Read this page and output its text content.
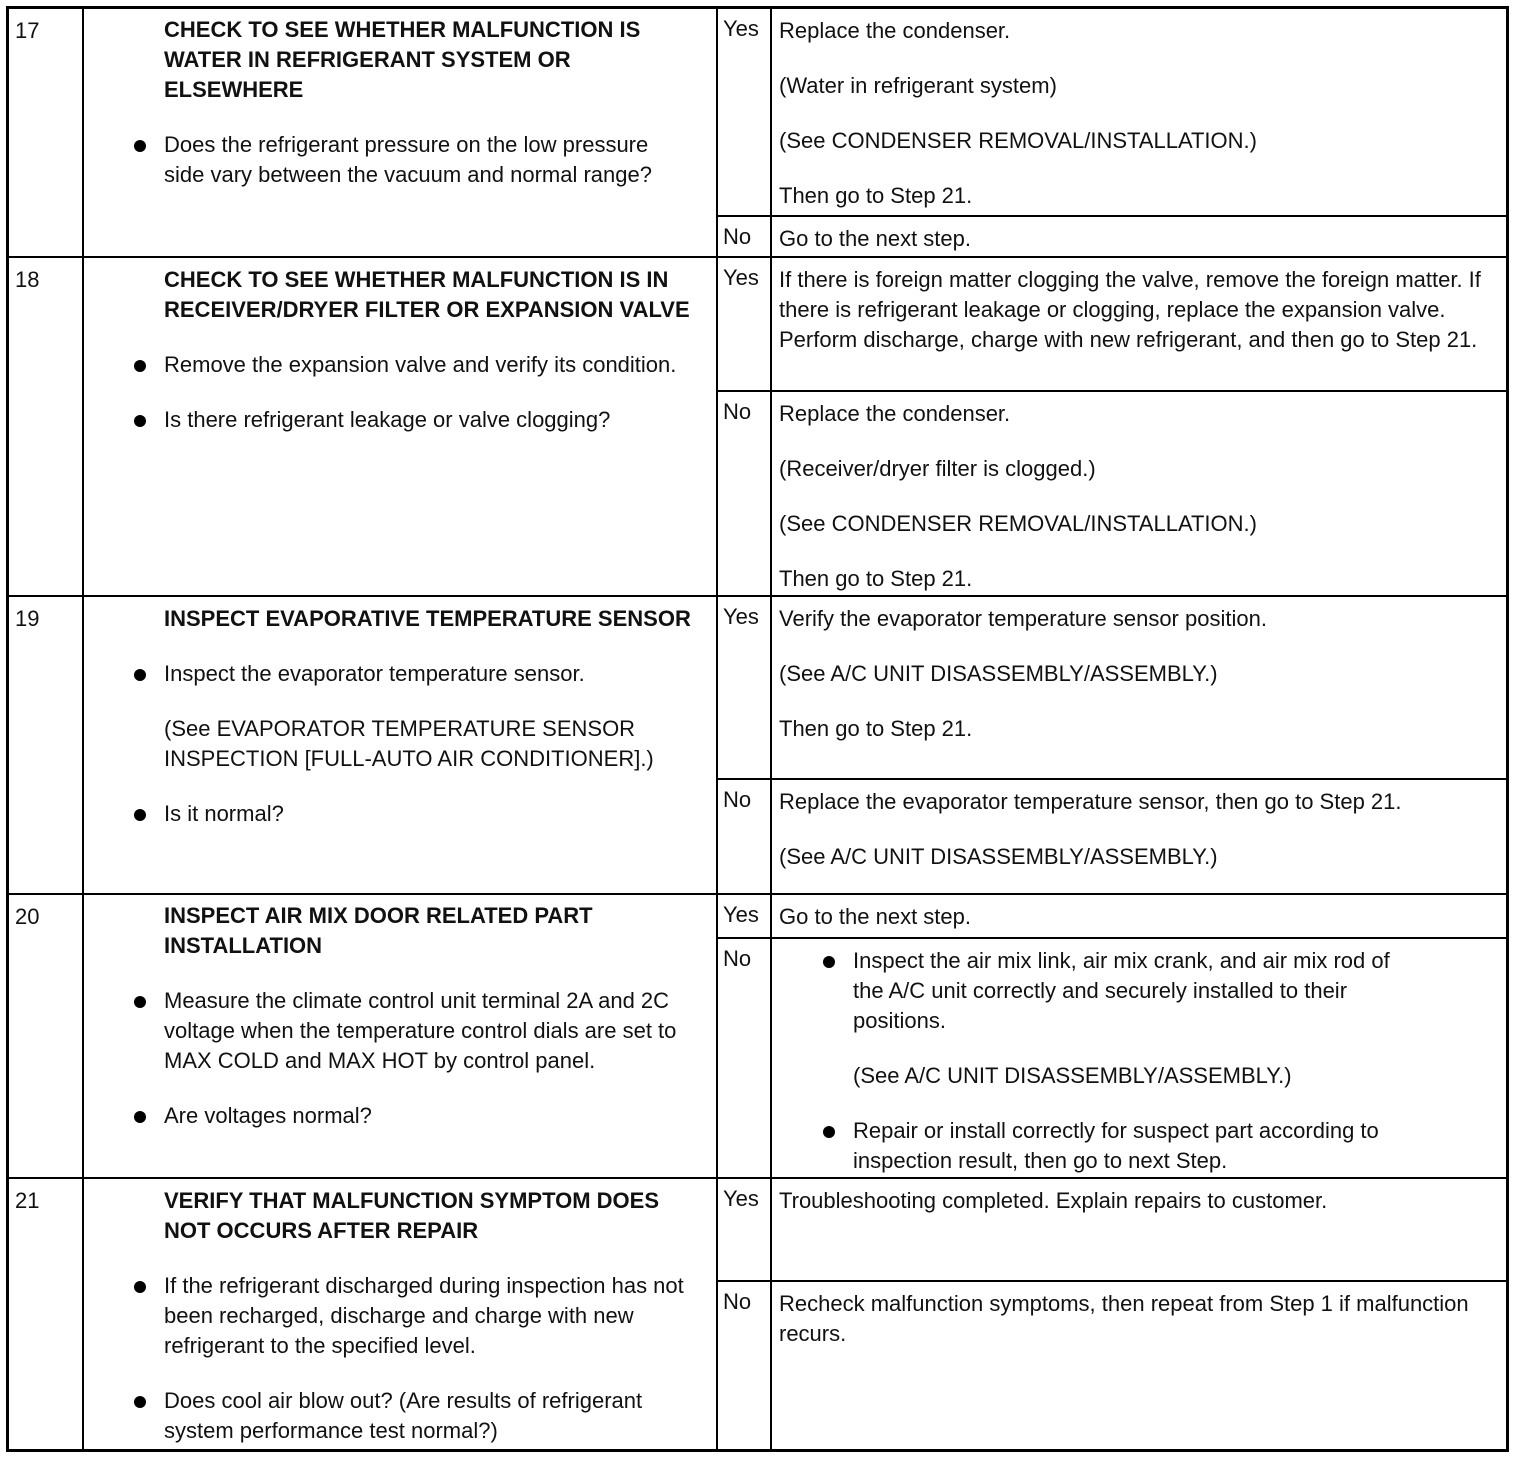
17	CHECK TO SEE WHETHER MALFUNCTION IS WATER IN REFRIGERANT SYSTEM OR ELSEWHERE
Does the refrigerant pressure on the low pressure side vary between the vacuum and normal range?
Yes Replace the condenser.

(Water in refrigerant system)

(See CONDENSER REMOVAL/INSTALLATION.)

Then go to Step 21.

No Go to the next step.

18	CHECK TO SEE WHETHER MALFUNCTION IS IN RECEIVER/DRYER FILTER OR EXPANSION VALVE
Remove the expansion valve and verify its condition.
Is there refrigerant leakage or valve clogging?
Yes If there is foreign matter clogging the valve, remove the foreign matter. If there is refrigerant leakage or clogging, replace the expansion valve. Perform discharge, charge with new refrigerant, and then go to Step 21.

No Replace the condenser.

(Receiver/dryer filter is clogged.)

(See CONDENSER REMOVAL/INSTALLATION.)

Then go to Step 21.

19	INSPECT EVAPORATIVE TEMPERATURE SENSOR
Inspect the evaporator temperature sensor.
(See EVAPORATOR TEMPERATURE SENSOR INSPECTION [FULL-AUTO AIR CONDITIONER].)
Is it normal?
Yes Verify the evaporator temperature sensor position.

(See A/C UNIT DISASSEMBLY/ASSEMBLY.)

Then go to Step 21.

No Replace the evaporator temperature sensor, then go to Step 21.

(See A/C UNIT DISASSEMBLY/ASSEMBLY.)

20	INSPECT AIR MIX DOOR RELATED PART INSTALLATION
Measure the climate control unit terminal 2A and 2C voltage when the temperature control dials are set to MAX COLD and MAX HOT by control panel.
Are voltages normal?
Yes Go to the next step.

No	Inspect the air mix link, air mix crank, and air mix rod of the A/C unit correctly and securely installed to their positions.
(See A/C UNIT DISASSEMBLY/ASSEMBLY.)
Repair or install correctly for suspect part according to inspection result, then go to next Step.
21	VERIFY THAT MALFUNCTION SYMPTOM DOES NOT OCCURS AFTER REPAIR
If the refrigerant discharged during inspection has not been recharged, discharge and charge with new refrigerant to the specified level.
Does cool air blow out? (Are results of refrigerant system performance test normal?)
Yes Troubleshooting completed. Explain repairs to customer.

No Recheck malfunction symptoms, then repeat from Step 1 if malfunction recurs.
